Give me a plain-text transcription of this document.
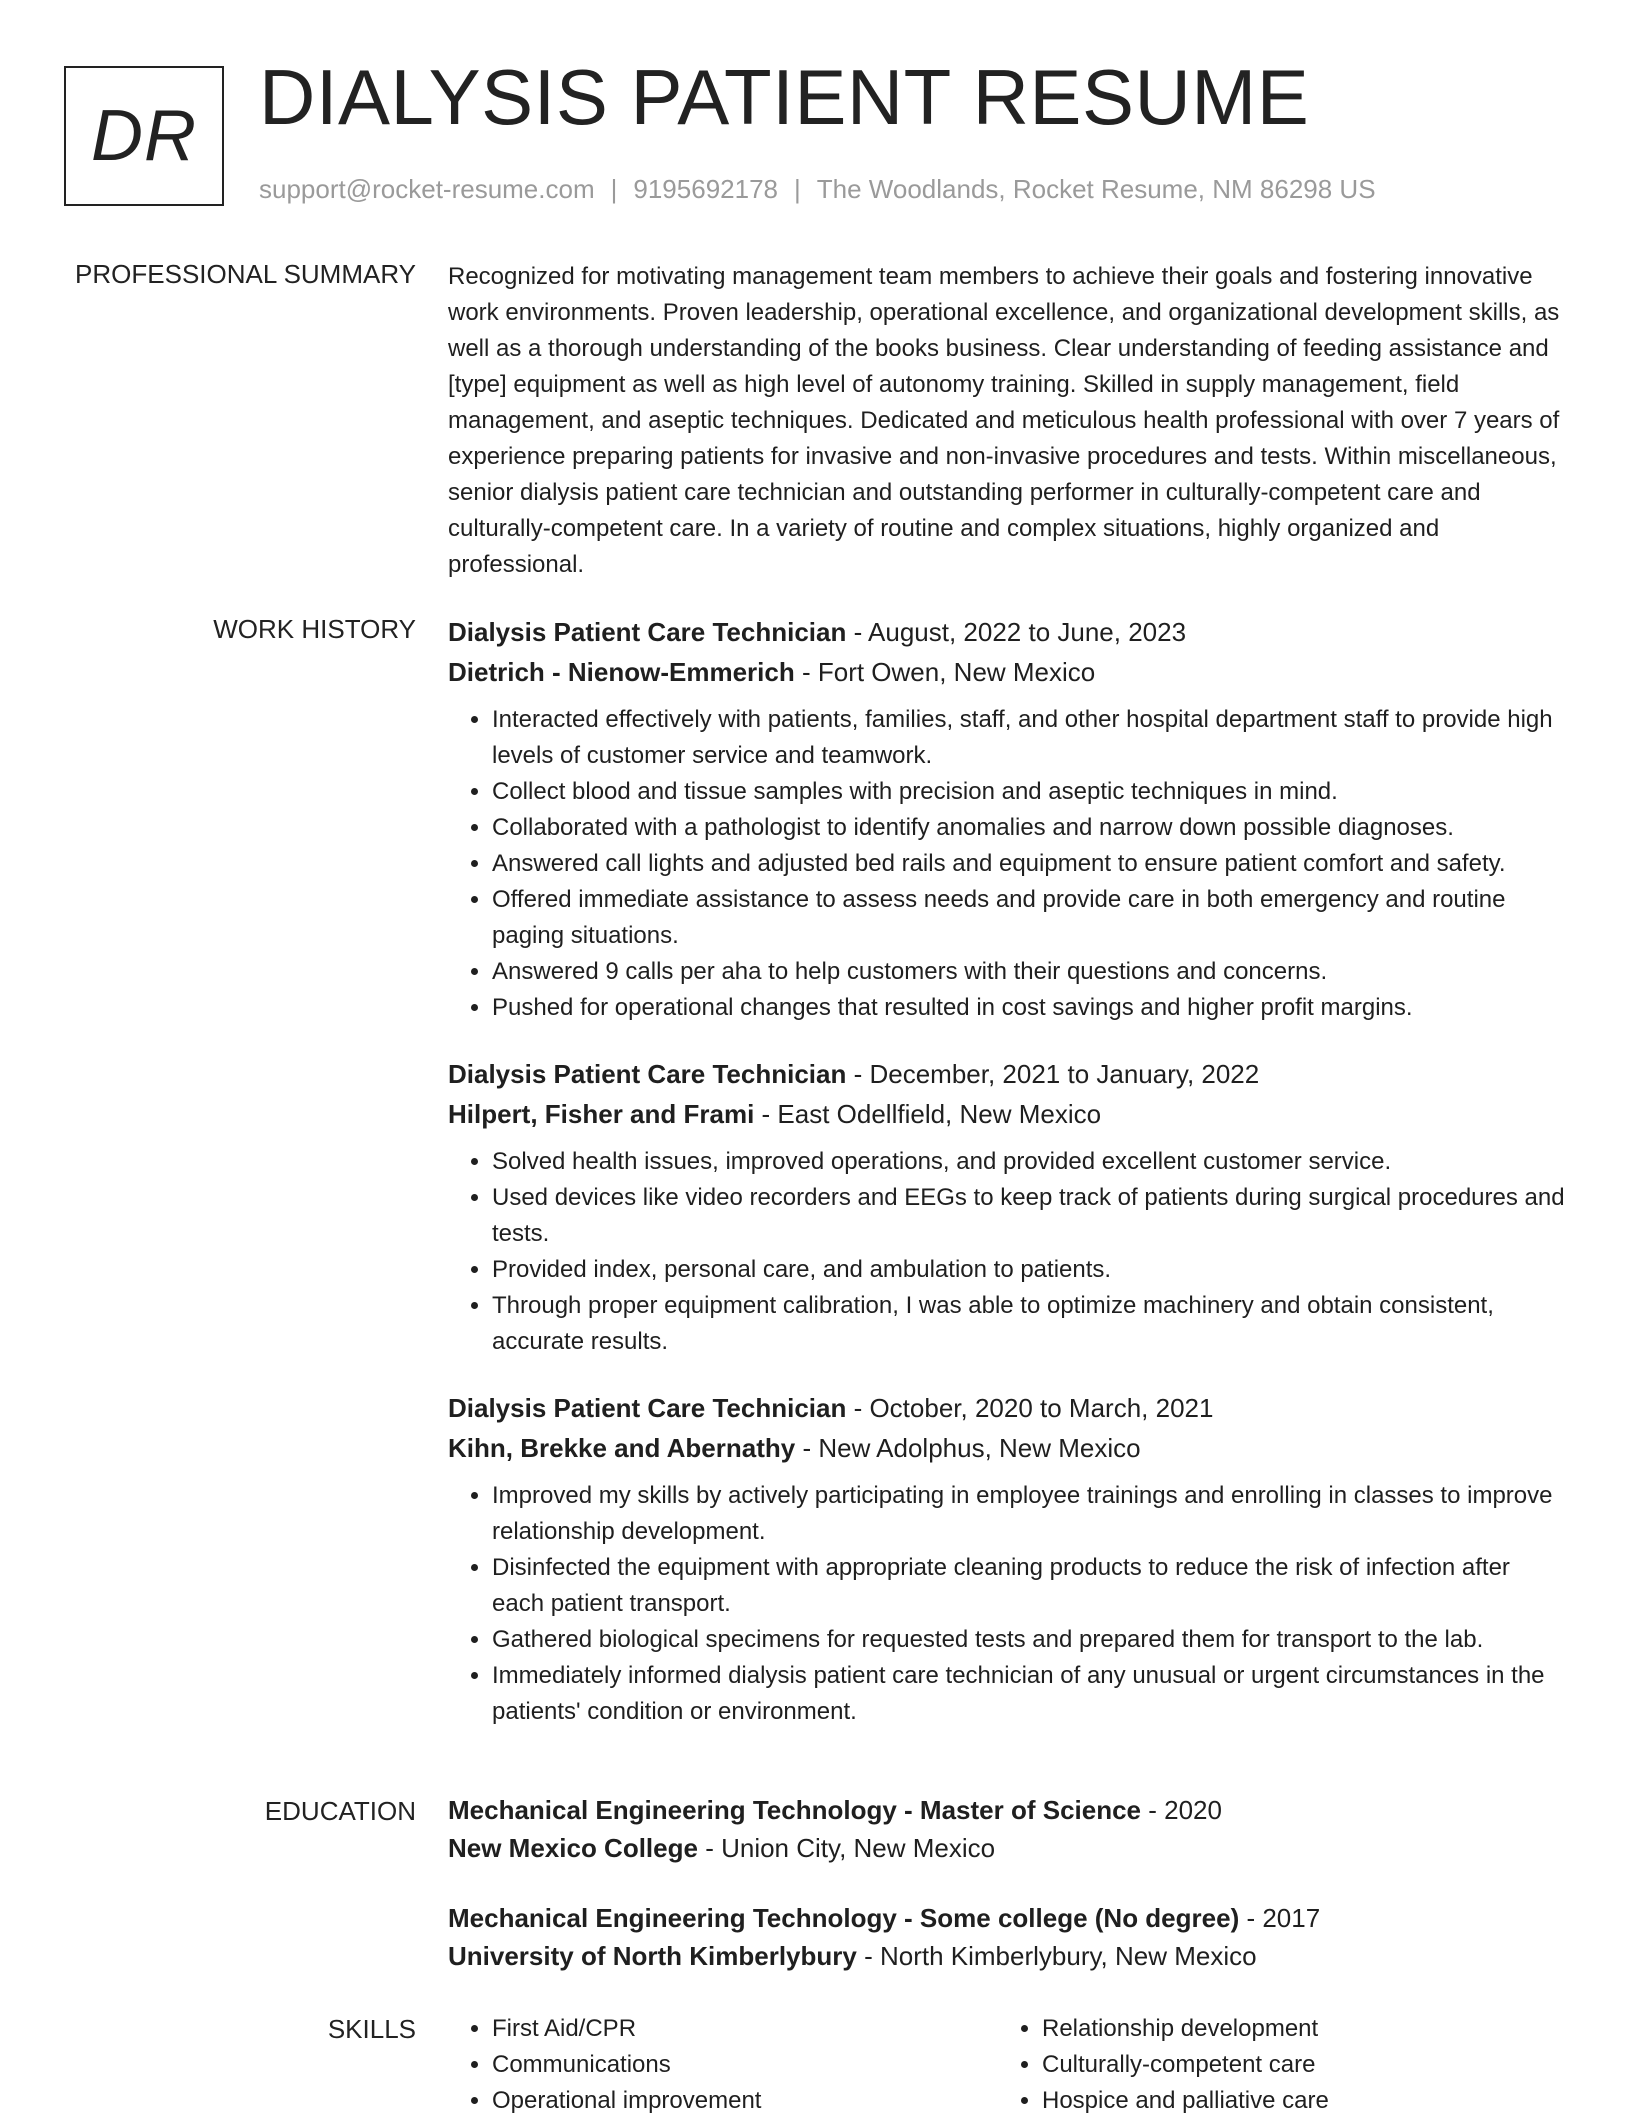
DR DIALYSIS PATIENT RESUME
support@rocket-resume.com | 9195692178 | The Woodlands, Rocket Resume, NM 86298 US
PROFESSIONAL SUMMARY Recognized for motivating management team members to achieve their goals and fostering innovative work environments. Proven leadership, operational excellence, and organizational development skills, as well as a thorough understanding of the books business. Clear understanding of feeding assistance and [type] equipment as well as high level of autonomy training. Skilled in supply management, field management, and aseptic techniques. Dedicated and meticulous health professional with over 7 years of experience preparing patients for invasive and non-invasive procedures and tests. Within miscellaneous, senior dialysis patient care technician and outstanding performer in culturally-competent care and culturally-competent care. In a variety of routine and complex situations, highly organized and professional.
WORK HISTORY Dialysis Patient Care Technician - August, 2022 to June, 2023
Dietrich - Nienow-Emmerich - Fort Owen, New Mexico
• Interacted effectively with patients, families, staff, and other hospital department staff to provide high levels of customer service and teamwork.
• Collect blood and tissue samples with precision and aseptic techniques in mind.
• Collaborated with a pathologist to identify anomalies and narrow down possible diagnoses.
• Answered call lights and adjusted bed rails and equipment to ensure patient comfort and safety.
• Offered immediate assistance to assess needs and provide care in both emergency and routine paging situations.
• Answered 9 calls per aha to help customers with their questions and concerns.
• Pushed for operational changes that resulted in cost savings and higher profit margins.
Dialysis Patient Care Technician - December, 2021 to January, 2022
Hilpert, Fisher and Frami - East Odellfield, New Mexico
• Solved health issues, improved operations, and provided excellent customer service.
• Used devices like video recorders and EEGs to keep track of patients during surgical procedures and tests.
• Provided index, personal care, and ambulation to patients.
• Through proper equipment calibration, I was able to optimize machinery and obtain consistent, accurate results.
Dialysis Patient Care Technician - October, 2020 to March, 2021
Kihn, Brekke and Abernathy - New Adolphus, New Mexico
• Improved my skills by actively participating in employee trainings and enrolling in classes to improve relationship development.
• Disinfected the equipment with appropriate cleaning products to reduce the risk of infection after each patient transport.
• Gathered biological specimens for requested tests and prepared them for transport to the lab.
• Immediately informed dialysis patient care technician of any unusual or urgent circumstances in the patients' condition or environment.
EDUCATION Mechanical Engineering Technology - Master of Science - 2020
New Mexico College - Union City, New Mexico
Mechanical Engineering Technology - Some college (No degree) - 2017
University of North Kimberlybury - North Kimberlybury, New Mexico
SKILLS
•	First Aid/CPR
• Communications
• Operational improvement
• Relationship development
• Culturally-competent care
• Hospice and palliative care
